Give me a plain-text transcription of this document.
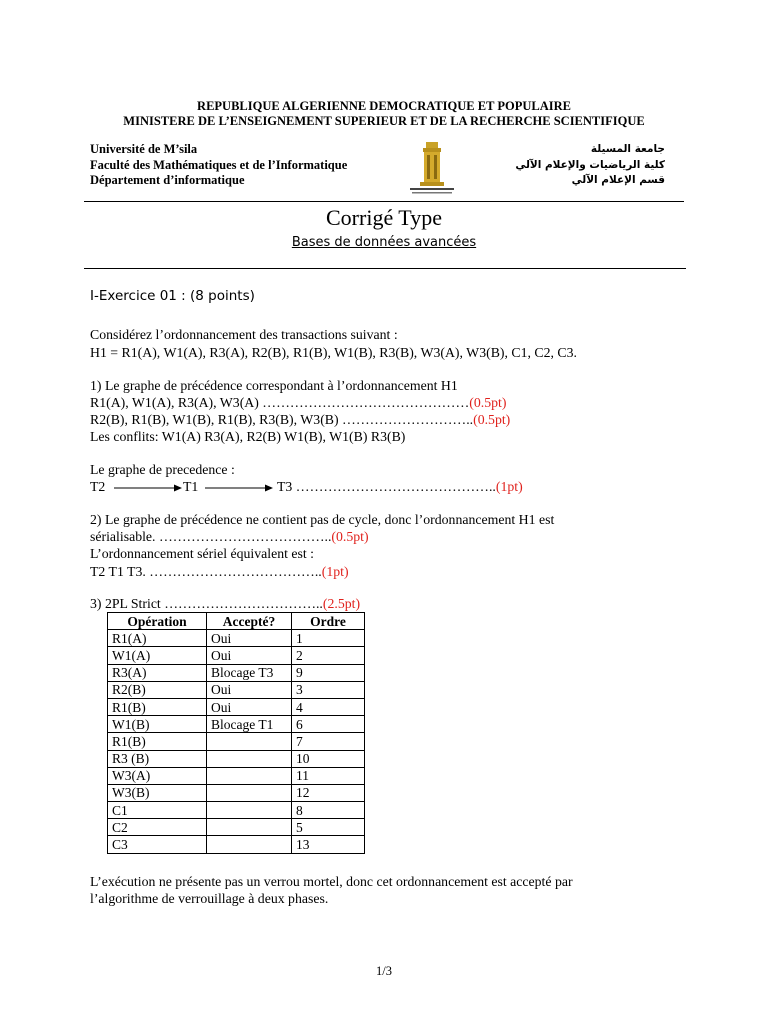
REPUBLIQUE ALGERIENNE DEMOCRATIQUE ET POPULAIRE
MINISTERE DE L’ENSEIGNEMENT SUPERIEUR ET DE LA RECHERCHE SCIENTIFIQUE
Université de M’sila
Faculté des Mathématiques et de l’Informatique
Département d’informatique
جامعة المسيلة
كلية الرياضيات والإعلام الآلي
قسم الإعلام الآلي
Corrigé Type
Bases de données avancées
I-Exercice 01 : (8 points)
Considérez l’ordonnancement des transactions suivant :
H1 = R1(A), W1(A), R3(A), R2(B), R1(B), W1(B), R3(B), W3(A), W3(B), C1, C2, C3.
1) Le graphe de précédence correspondant à l’ordonnancement H1
R1(A), W1(A), R3(A), W3(A) ………………………………………(0.5pt)
R2(B), R1(B), W1(B), R1(B), R3(B), W3(B) ………………………..(0.5pt)
Les conflits: W1(A) R3(A), R2(B) W1(B), W1(B) R3(B)
Le graphe de precedence :
T2	T1	T3 ……………………………………..(1pt)
2) Le graphe de précédence ne contient pas de cycle, donc l’ordonnancement H1 est
sérialisable. ………………………………..(0.5pt)
L’ordonnancement sériel équivalent est :
T2 T1 T3. ………………………………..(1pt)
3) 2PL Strict ……………………………..(2.5pt)
Opération	Accepté?	Ordre
R1(A)	Oui	1
W1(A)	Oui	2
R3(A)	Blocage T3	9
R2(B)	Oui	3
R1(B)	Oui	4
W1(B)	Blocage T1	6
R1(B)		7
R3 (B)		10
W3(A)		11
W3(B)		12
C1		8
C2		5
C3		13
L’exécution ne présente pas un verrou mortel, donc cet ordonnancement est accepté par
l’algorithme de verrouillage à deux phases.
1/3
